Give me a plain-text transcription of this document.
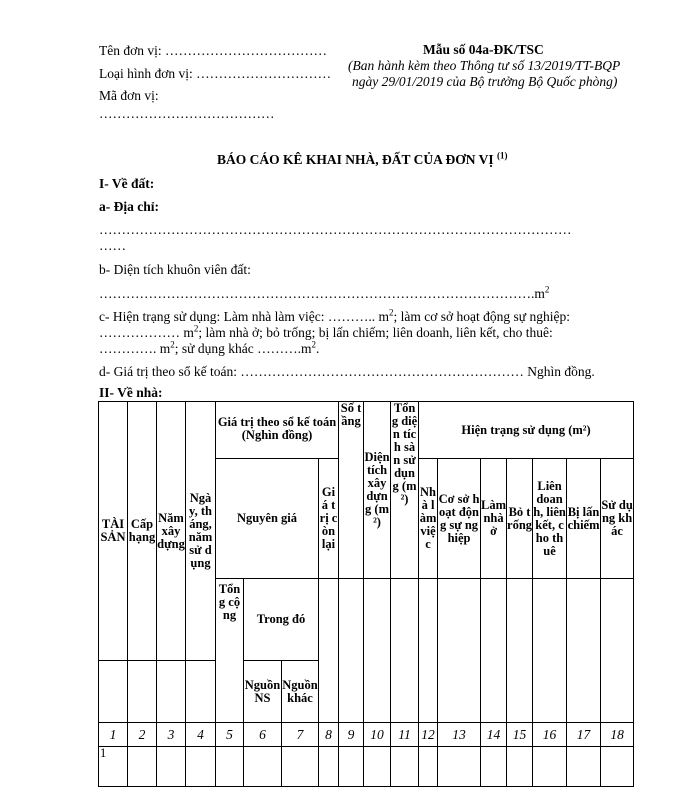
Tên đơn vị: ………………………………
Loại hình đơn vị: …………………………
Mã đơn vị:
…………………………………
Mẫu số 04a-ĐK/TSC
(Ban hành kèm theo Thông tư số 13/2019/TT-BQP
ngày 29/01/2019 của Bộ trưởng Bộ Quốc phòng)
BÁO CÁO KÊ KHAI NHÀ, ĐẤT CỦA ĐƠN VỊ $^{(1)}$
I- Về đất:
a- Địa chỉ:
……………………………………………………………………………………………
……
b- Diện tích khuôn viên đất:
$\dots\dots\dots\dots\dots\dots\dots\dots\dots\dots\dots\dots\dots\dots\dots\dots\dots\dots\dots\dots\dots\dots\dots\dots\dots\dots\dots\dots\dots\dots\dots\dots.m^2$
c- Hiện trạng sử dụng: Làm nhà làm việc: ……….. $m^2$; làm cơ sở hoạt động sự nghiệp:
……………… $m^2$; làm nhà ở; bỏ trống; bị lấn chiếm; liên doanh, liên kết, cho thuê:
…………. $m^2$; sử dụng khác $\dots\dots\dots.m^2$.
d- Giá trị theo sổ kế toán: ……………………………………………………… Nghìn đồng.
II- Về nhà:
TÀI SẢN	Cấp hạng	Năm xây dựng	Ngày, tháng, năm sử dụng	Giá trị theo sổ kế toán (Nghìn đồng)				Số tầng	Diện tích xây dựng (m²)	Tổng diện tích sàn sử dụng (m²)	Hiện trạng sử dụng (m²)						

				Nguyên giá			Giá trị còn lại				Nhà làm việc	Cơ sở hoạt động sự nghiệp	Làm nhà ở	Bỏ trống	Liên doanh, liên kết, cho thuê	Bị lấn chiếm	Sử dụng khác

				Tổng cộng	Trong đó												

					Nguồn NS	Nguồn khác											

1	2	3	4	5	6	7	8	9	10	11	12	13	14	15	16	17	18
1																	
